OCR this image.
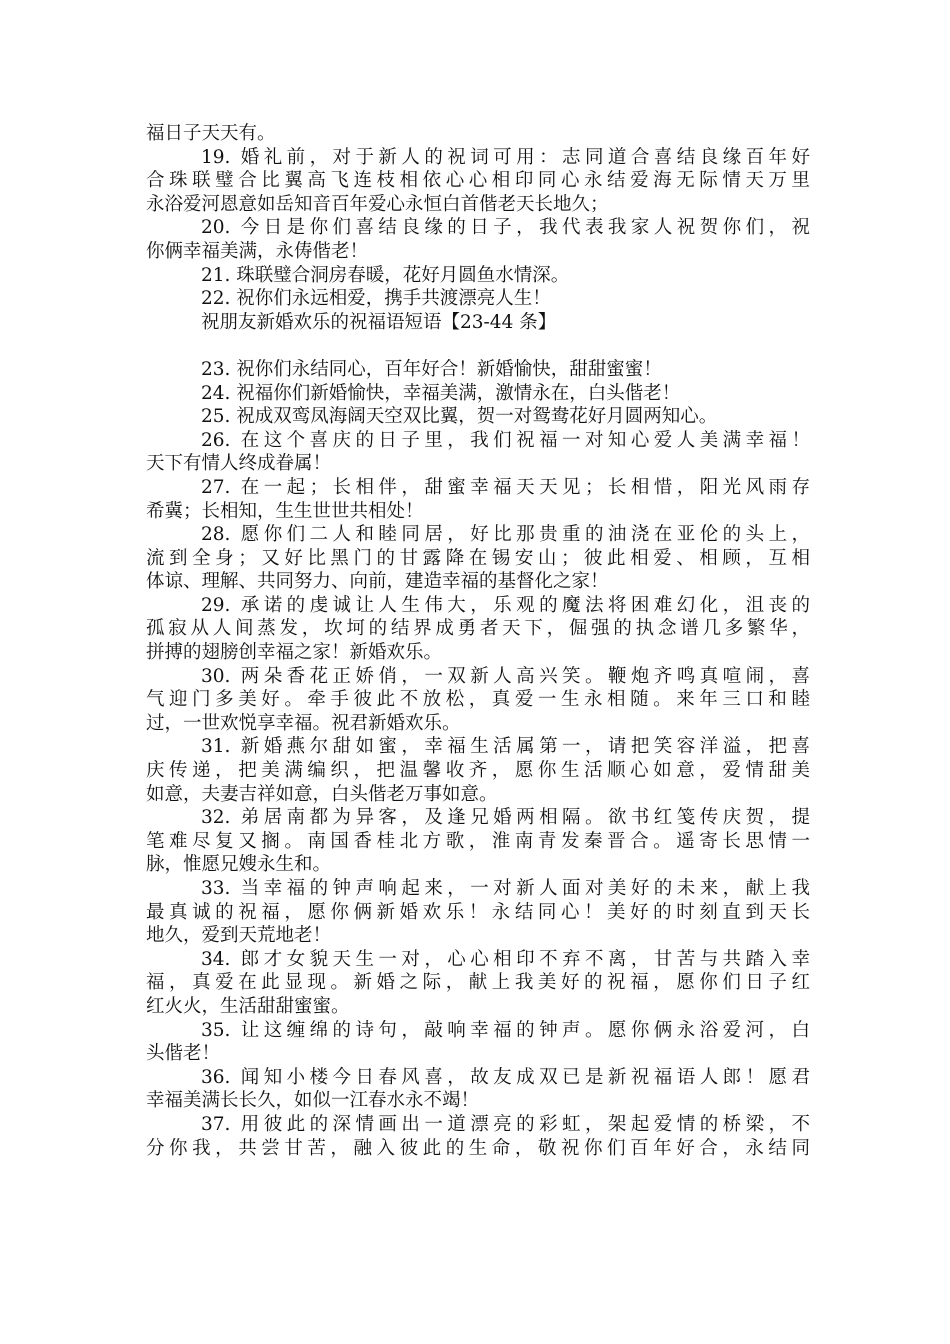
福日子天天有。
19. 婚礼前，对于新人的祝词可用：志同道合喜结良缘百年好
合珠联璧合比翼高飞连枝相依心心相印同心永结爱海无际情天万里
永浴爱河恩意如岳知音百年爱心永恒白首偕老天长地久；
20. 今日是你们喜结良缘的日子，我代表我家人祝贺你们，祝
你俩幸福美满，永俦偕老！
21. 珠联璧合洞房春暖，花好月圆鱼水情深。
22. 祝你们永远相爱，携手共渡漂亮人生！
祝朋友新婚欢乐的祝福语短语【23-44 条】
23. 祝你们永结同心，百年好合！新婚愉快，甜甜蜜蜜！
24. 祝福你们新婚愉快，幸福美满，激情永在，白头偕老！
25. 祝成双鸾凤海阔天空双比翼，贺一对鸳鸯花好月圆两知心。
26. 在这个喜庆的日子里，我们祝福一对知心爱人美满幸福！
天下有情人终成眷属！
27. 在一起；长相伴，甜蜜幸福天天见；长相惜，阳光风雨存
希冀；长相知，生生世世共相处！
28. 愿你们二人和睦同居，好比那贵重的油浇在亚伦的头上，
流到全身；又好比黑门的甘露降在锡安山；彼此相爱、相顾，互相
体谅、理解、共同努力、向前，建造幸福的基督化之家！
29. 承诺的虔诚让人生伟大，乐观的魔法将困难幻化，沮丧的
孤寂从人间蒸发，坎坷的结界成勇者天下，倔强的执念谱几多繁华，
拼搏的翅膀创幸福之家！新婚欢乐。
30. 两朵香花正娇俏，一双新人高兴笑。鞭炮齐鸣真喧闹，喜
气迎门多美好。牵手彼此不放松，真爱一生永相随。来年三口和睦
过，一世欢悦享幸福。祝君新婚欢乐。
31. 新婚燕尔甜如蜜，幸福生活属第一，请把笑容洋溢，把喜
庆传递，把美满编织，把温馨收齐，愿你生活顺心如意，爱情甜美
如意，夫妻吉祥如意，白头偕老万事如意。
32. 弟居南都为异客，及逢兄婚两相隔。欲书红笺传庆贺，提
笔难尽复又搁。南国香桂北方歌，淮南青发秦晋合。遥寄长思情一
脉，惟愿兄嫂永生和。
33. 当幸福的钟声响起来，一对新人面对美好的未来，献上我
最真诚的祝福，愿你俩新婚欢乐！永结同心！美好的时刻直到天长
地久，爱到天荒地老！
34. 郎才女貌天生一对，心心相印不弃不离，甘苦与共踏入幸
福，真爱在此显现。新婚之际，献上我美好的祝福，愿你们日子红
红火火，生活甜甜蜜蜜。
35. 让这缠绵的诗句，敲响幸福的钟声。愿你俩永浴爱河，白
头偕老！
36. 闻知小楼今日春风喜，故友成双已是新祝福语人郎！愿君
幸福美满长长久，如似一江春水永不竭！
37. 用彼此的深情画出一道漂亮的彩虹，架起爱情的桥梁，不
分你我，共尝甘苦，融入彼此的生命，敬祝你们百年好合，永结同
